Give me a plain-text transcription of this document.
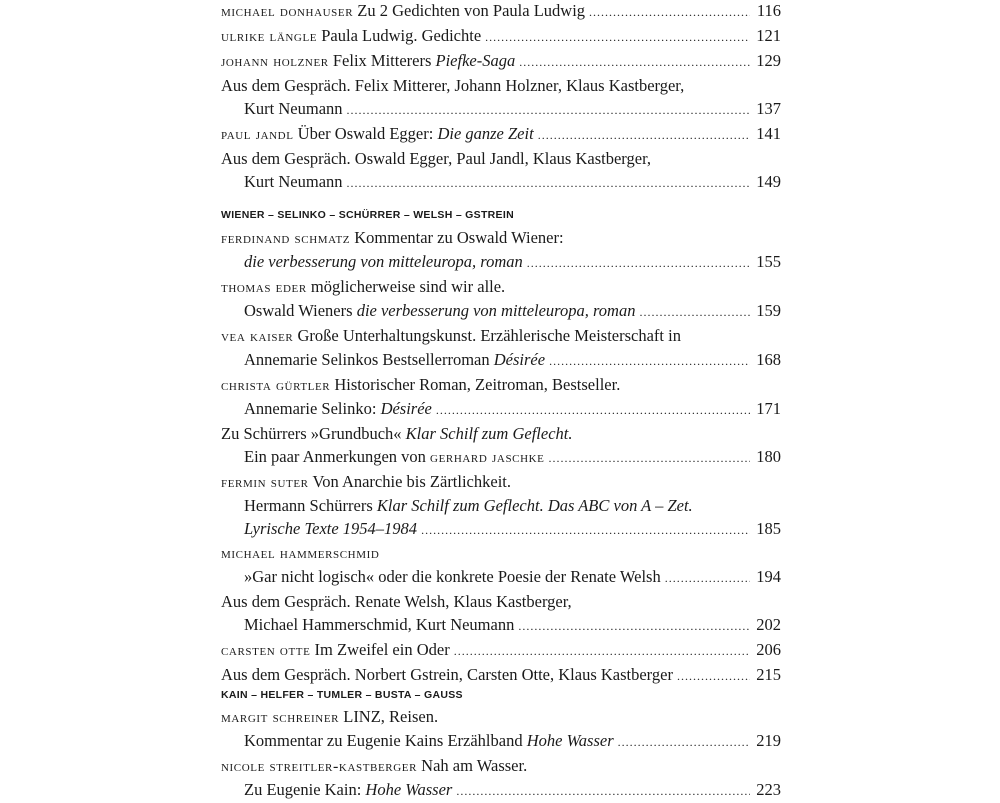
michael donhauser Zu 2 Gedichten von Paula Ludwig . . .	116
ulrike längle Paula Ludwig. Gedichte . . .	121
johann holzner Felix Mitterers Piefke-Saga . . .	129
Aus dem Gespräch. Felix Mitterer, Johann Holzner, Klaus Kastberger,
Kurt Neumann . . .	137
paul jandl Über Oswald Egger: Die ganze Zeit . . .	141
Aus dem Gespräch. Oswald Egger, Paul Jandl, Klaus Kastberger,
Kurt Neumann . . .	149
WIENER – SELINKO – SCHÜRRER – WELSH – GSTREIN
ferdinand schmatz Kommentar zu Oswald Wiener:
die verbesserung von mitteleuropa, roman . . .	155
thomas eder möglicherweise sind wir alle.
Oswald Wieners die verbesserung von mitteleuropa, roman . . .	159
vea kaiser Große Unterhaltungskunst. Erzählerische Meisterschaft in
Annemarie Selinkos Bestsellerroman Désirée . . .	168
christa gürtler Historischer Roman, Zeitroman, Bestseller.
Annemarie Selinko: Désirée . . .	171
Zu Schürrers »Grundbuch« Klar Schilf zum Geflecht.
Ein paar Anmerkungen von gerhard jaschke . . .	180
fermin suter Von Anarchie bis Zärtlichkeit.
Hermann Schürrers Klar Schilf zum Geflecht. Das ABC von A – Zet.
Lyrische Texte 1954–1984 . . .	185
michael hammerschmid
»Gar nicht logisch« oder die konkrete Poesie der Renate Welsh . . .	194
Aus dem Gespräch. Renate Welsh, Klaus Kastberger,
Michael Hammerschmid, Kurt Neumann . . .	202
carsten otte Im Zweifel ein Oder . . .	206
Aus dem Gespräch. Norbert Gstrein, Carsten Otte, Klaus Kastberger . . .	215
KAIN – HELFER – TUMLER – BUSTA – GAUSS
margit schreiner LINZ, Reisen.
Kommentar zu Eugenie Kains Erzählband Hohe Wasser . . .	219
nicole streitler-kastberger Nah am Wasser.
Zu Eugenie Kain: Hohe Wasser . . .	223
